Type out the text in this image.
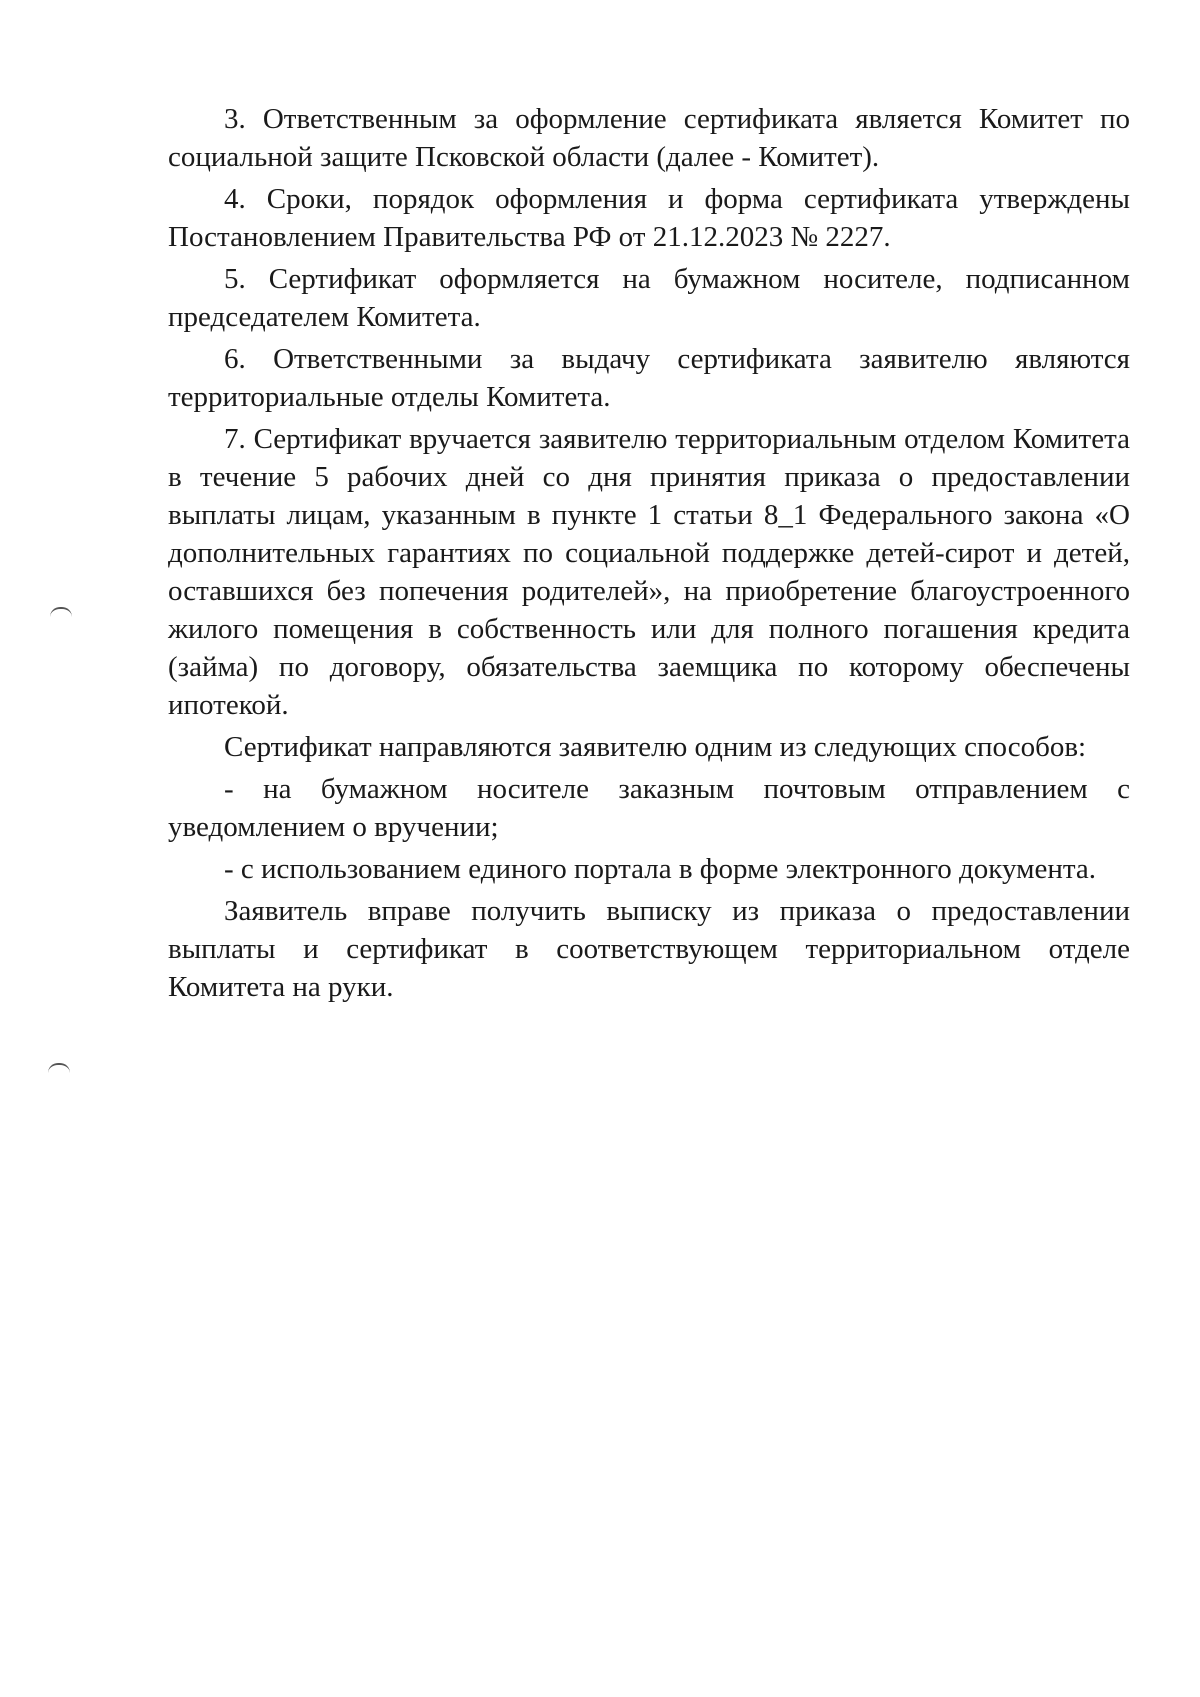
3. Ответственным за оформление сертификата является Комитет по социальной защите Псковской области (далее - Комитет).

4. Сроки, порядок оформления и форма сертификата утверждены Постановлением Правительства РФ от 21.12.2023 № 2227.

5. Сертификат оформляется на бумажном носителе, подписанном председателем Комитета.

6. Ответственными за выдачу сертификата заявителю являются территориальные отделы Комитета.

7. Сертификат вручается заявителю территориальным отделом Комитета в течение 5 рабочих дней со дня принятия приказа о предоставлении выплаты лицам, указанным в пункте 1 статьи 8_1 Федерального закона «О дополнительных гарантиях по социальной поддержке детей-сирот и детей, оставшихся без попечения родителей», на приобретение благоустроенного жилого помещения в собственность или для полного погашения кредита (займа) по договору, обязательства заемщика по которому обеспечены ипотекой.

Сертификат направляются заявителю одним из следующих способов:

- на бумажном носителе заказным почтовым отправлением с уведомлением о вручении;

- с использованием единого портала в форме электронного документа.

Заявитель вправе получить выписку из приказа о предоставлении выплаты и сертификат в соответствующем территориальном отделе Комитета на руки.
